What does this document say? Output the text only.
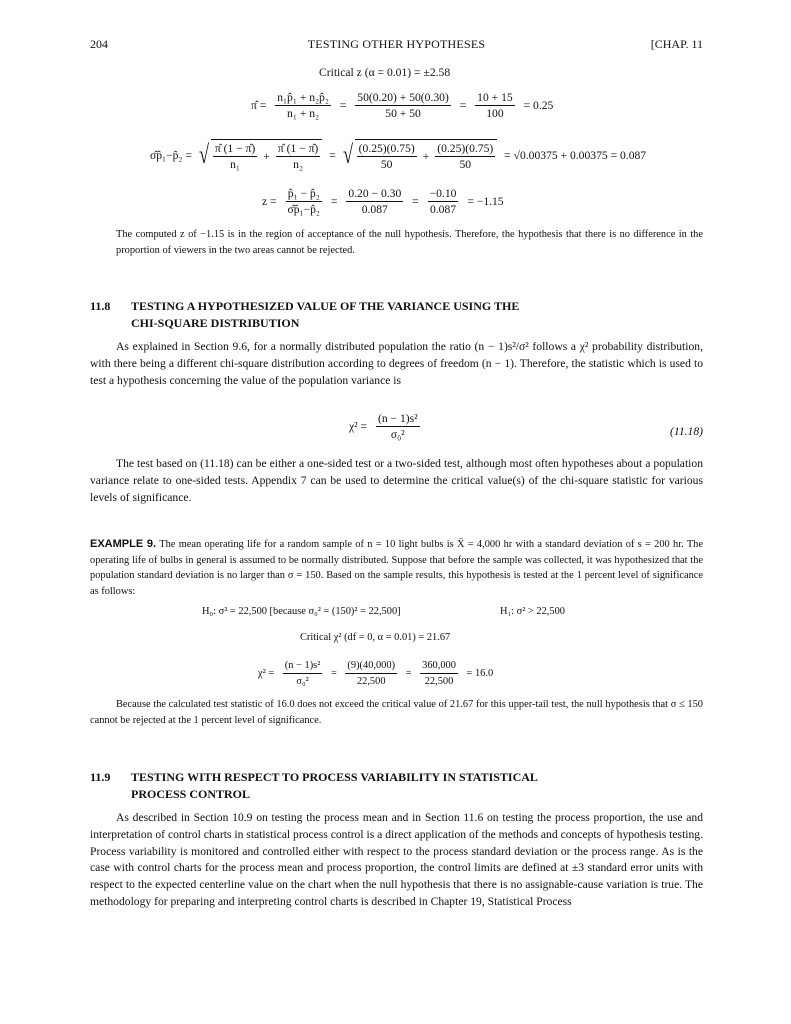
204	TESTING OTHER HYPOTHESES	[CHAP. 11
Critical z (α = 0.01) = ±2.58
π̂ = $\frac{\text{n₁p̂₁ + n₂p̂₂}}{\text{n₁ + n₂}} = \frac{50(0.20) + 50(0.30)}{50 + 50} = \frac{10 + 15}{100} = 0.25$
σ̂p̂₁−p̂₂ = √ $\frac{\pî (1 - \pî)}{\text{n₁}} + \frac{\pî (1 - \pî)}{\text{n₂}}$ = √ $\frac{(0.25)(0.75)}{50} + \frac{(0.25)(0.75)}{50} = √0.00375 + 0.00375 = 0.087$
$z = \frac{\text{p̂₁ − p̂₂}}{\text{σ̂p̂₁−p̂₂}} = \frac{0.20 - 0.30}{0.087} = \frac{-0.10}{0.087} = -1.15$
The computed z of −1.15 is in the region of acceptance of the null hypothesis. Therefore, the hypothesis that there is no difference in the proportion of viewers in the two areas cannot be rejected.
11.8 TESTING A HYPOTHESIZED VALUE OF THE VARIANCE USING THE
CHI-SQUARE DISTRIBUTION
As explained in Section 9.6, for a normally distributed population the ratio (n − 1)s²/σ² follows a χ² probability distribution, with there being a different chi-square distribution according to degrees of freedom (n − 1). Therefore, the statistic which is used to test a hypothesis concerning the value of the population variance is
$\chi^2 = \frac{\text{(n − 1)s²}}{\text{σ₀²}}$	(11.18)
The test based on (11.18) can be either a one-sided test or a two-sided test, although most often hypotheses about a population variance relate to one-sided tests. Appendix 7 can be used to determine the critical value(s) of the chi-square statistic for various levels of significance.
EXAMPLE 9. The mean operating life for a random sample of n = 10 light bulbs is X̄ = 4,000 hr with a standard deviation of s = 200 hr. The operating life of bulbs in general is assumed to be normally distributed. Suppose that before the sample was collected, it was hypothesized that the population standard deviation is no larger than σ = 150. Based on the sample results, this hypothesis is tested at the 1 percent level of significance as follows:
H₀: σ² = 22,500 [because σ₀² = (150)² = 22,500]	H₁: σ² > 22,500
Critical χ² (df = 0, α = 0.01) = 21.67
$\chi^2 = \frac{\text{(n − 1)s²}}{\text{σ₀²}} = \frac{(9)(40,000)}{22,500} = \frac{360,000}{22,500} = 16.0$
Because the calculated test statistic of 16.0 does not exceed the critical value of 21.67 for this upper-tail test, the null hypothesis that σ ≤ 150 cannot be rejected at the 1 percent level of significance.
11.9 TESTING WITH RESPECT TO PROCESS VARIABILITY IN STATISTICAL
PROCESS CONTROL
As described in Section 10.9 on testing the process mean and in Section 11.6 on testing the process proportion, the use and interpretation of control charts in statistical process control is a direct application of the methods and concepts of hypothesis testing. Process variability is monitored and controlled either with respect to the process standard deviation or the process range. As is the case with control charts for the process mean and process proportion, the control limits are defined at ±3 standard error units with respect to the expected centerline value on the chart when the null hypothesis that there is no assignable-cause variation is true. The methodology for preparing and interpreting control charts is described in Chapter 19, Statistical Process
